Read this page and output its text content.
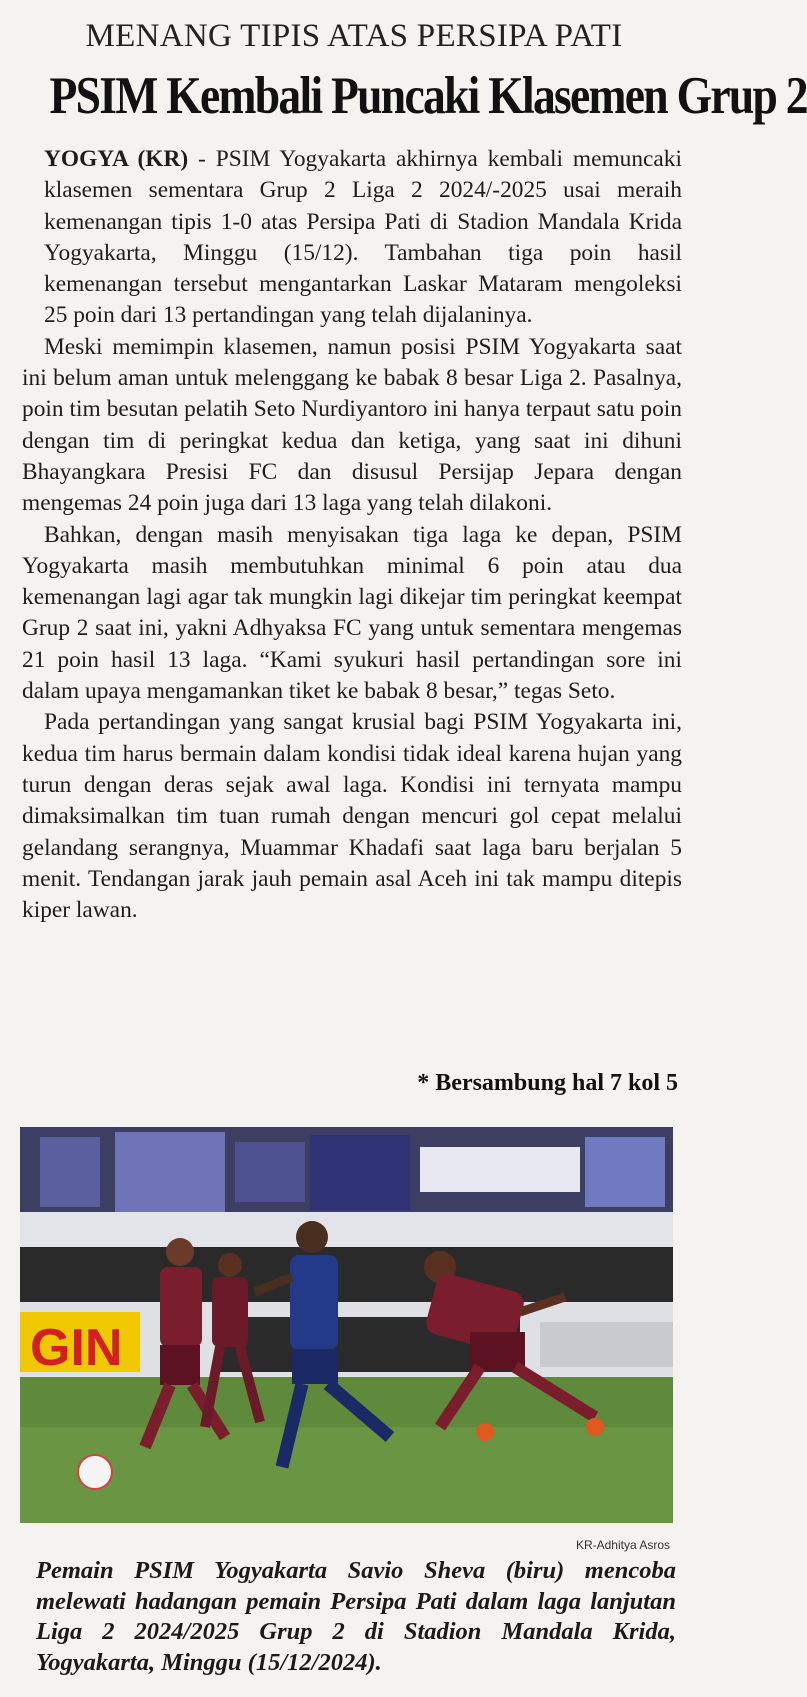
MENANG TIPIS ATAS PERSIPA PATI
PSIM Kembali Puncaki Klasemen Grup 2

YOGYA (KR) - PSIM Yogyakarta akhirnya kembali memuncaki klasemen sementara Grup 2 Liga 2 2024/-2025 usai meraih kemenangan tipis 1-0 atas Persipa Pati di Stadion Mandala Krida Yogyakarta, Minggu (15/12). Tambahan tiga poin hasil kemenangan tersebut mengantarkan Laskar Mataram mengoleksi 25 poin dari 13 pertandingan yang telah dijalaninya.

Meski memimpin klasemen, namun posisi PSIM Yogyakarta saat ini belum aman untuk melenggang ke babak 8 besar Liga 2. Pasalnya, poin tim besutan pelatih Seto Nurdiyantoro ini hanya terpaut satu poin dengan tim di peringkat kedua dan ketiga, yang saat ini dihuni Bhayangkara Presisi FC dan disusul Persijap Jepara dengan mengemas 24 poin juga dari 13 laga yang telah dilakoni.

Bahkan, dengan masih menyisakan tiga laga ke depan, PSIM Yogyakarta masih membutuhkan minimal 6 poin atau dua kemenangan lagi agar tak mungkin lagi dikejar tim peringkat keempat Grup 2 saat ini, yakni Adhyaksa FC yang untuk sementara mengemas 21 poin hasil 13 laga. “Kami syukuri hasil pertandingan sore ini dalam upaya mengamankan tiket ke babak 8 besar,” tegas Seto.

Pada pertandingan yang sangat krusial bagi PSIM Yogyakarta ini, kedua tim harus bermain dalam kondisi tidak ideal karena hujan yang turun dengan deras sejak awal laga. Kondisi ini ternyata mampu dimaksimalkan tim tuan rumah dengan mencuri gol cepat melalui gelandang serangnya, Muammar Khadafi saat laga baru berjalan 5 menit. Tendangan jarak jauh pemain asal Aceh ini tak mampu ditepis kiper lawan.

* Bersambung hal 7 kol 5
GIN
KR-Adhitya Asros
Pemain PSIM Yogyakarta Savio Sheva (biru) mencoba melewati hadangan pemain Persipa Pati dalam laga lanjutan Liga 2 2024/2025 Grup 2 di Stadion Mandala Krida, Yogyakarta, Minggu (15/12/2024).
